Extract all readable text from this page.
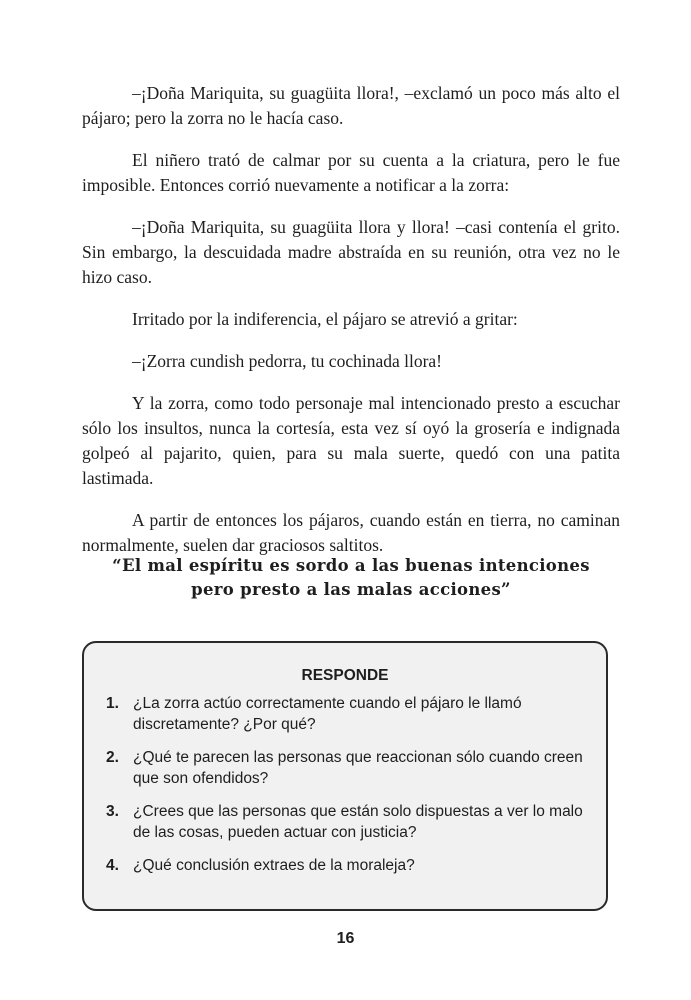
–¡Doña Mariquita, su guagüita llora!, –exclamó un poco más alto el pájaro; pero la zorra no le hacía caso.

El niñero trató de calmar por su cuenta a la criatura, pero le fue imposible. Entonces corrió nuevamente a notificar a la zorra:

–¡Doña Mariquita, su guagüita llora y llora! –casi contenía el grito. Sin embargo, la descuidada madre abstraída en su reunión, otra vez no le hizo caso.

Irritado por la indiferencia, el pájaro se atrevió a gritar:

–¡Zorra cundish pedorra, tu cochinada llora!

Y la zorra, como todo personaje mal intencionado presto a escuchar sólo los insultos, nunca la cortesía, esta vez sí oyó la grosería e indignada golpeó al pajarito, quien, para su mala suerte, quedó con una patita lastimada.

A partir de entonces los pájaros, cuando están en tierra, no caminan normalmente, suelen dar graciosos saltitos.

“El mal espíritu es sordo a las buenas intenciones
pero presto a las malas acciones”
RESPONDE
1. ¿La zorra actúo correctamente cuando el pájaro le llamó discretamente? ¿Por qué?
2. ¿Qué te parecen las personas que reaccionan sólo cuando creen que son ofendidos?
3. ¿Crees que las personas que están solo dispuestas a ver lo malo de las cosas, pueden actuar con justicia?
4. ¿Qué conclusión extraes de la moraleja?
16
